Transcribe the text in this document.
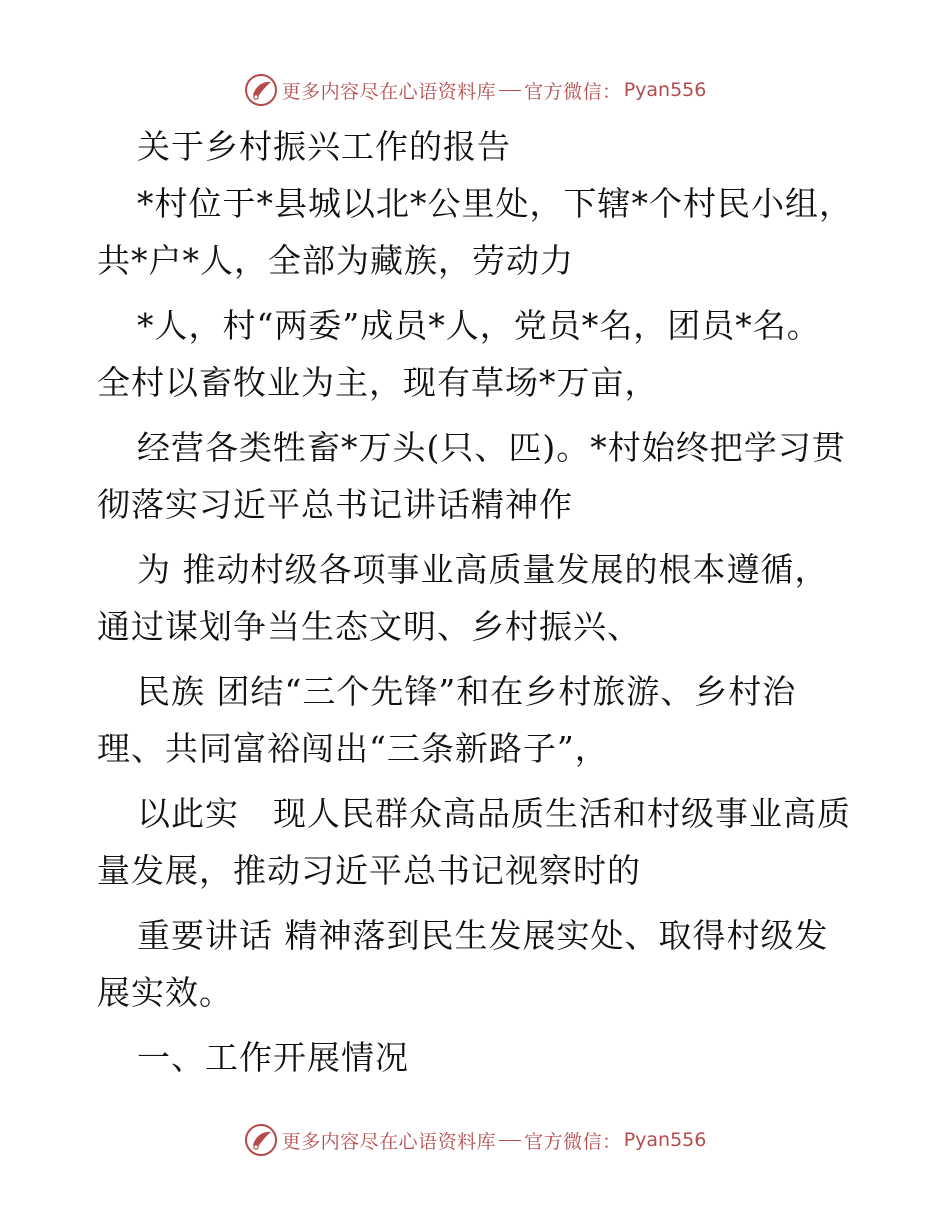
更多内容尽在心语资料库 官方微信： Pyan556
关于乡村振兴工作的报告
*村位于*县城以北*公里处，下辖*个村民小组，
共*户*人，全部为藏族，劳动力
*人，村“两委”成员*人，党员*名，团员*名。
全村以畜牧业为主，现有草场*万亩，
经营各类牲畜*万头(只、匹)。*村始终把学习贯
彻落实习近平总书记讲话精神作
为 推动村级各项事业高质量发展的根本遵循，
通过谋划争当生态文明、乡村振兴、
民族 团结“三个先锋”和在乡村旅游、乡村治
理、共同富裕闯出“三条新路子”，
以此实　现人民群众高品质生活和村级事业高质
量发展，推动习近平总书记视察时的
重要讲话 精神落到民生发展实处、取得村级发
展实效。
一、工作开展情况
更多内容尽在心语资料库 官方微信： Pyan556
